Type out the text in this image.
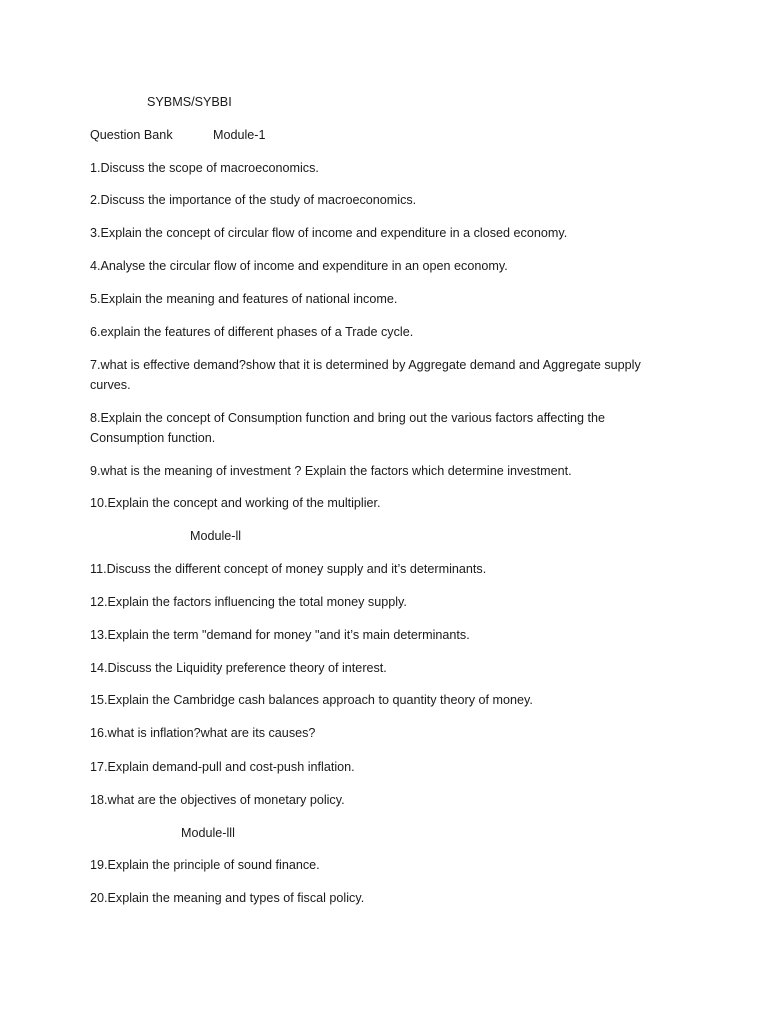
SYBMS/SYBBI
Question Bank	Module-1
1.Discuss the scope of macroeconomics.
2.Discuss the importance of the study of macroeconomics.
3.Explain the concept of circular flow of income and expenditure in a closed economy.
4.Analyse the circular flow of income and expenditure in an open economy.
5.Explain the meaning and features of national income.
6.explain the features of different phases of a Trade cycle.
7.what is effective demand?show that it is determined by Aggregate demand and Aggregate supply curves.
8.Explain the concept of Consumption function and bring out the various factors affecting the Consumption function.
9.what is the meaning of investment ? Explain the factors which determine investment.
10.Explain the concept and working of the multiplier.
Module-ll
11.Discuss the different concept of money supply and it’s determinants.
12.Explain the factors influencing the total money supply.
13.Explain the term "demand for money "and it’s main determinants.
14.Discuss the Liquidity preference theory of interest.
15.Explain the Cambridge cash balances approach to quantity theory of money.
16.what is inflation?what are its causes?
17.Explain demand-pull and cost-push inflation.
18.what are the objectives of monetary policy.
Module-lll
19.Explain the principle of sound finance.
20.Explain the meaning and types of fiscal policy.
